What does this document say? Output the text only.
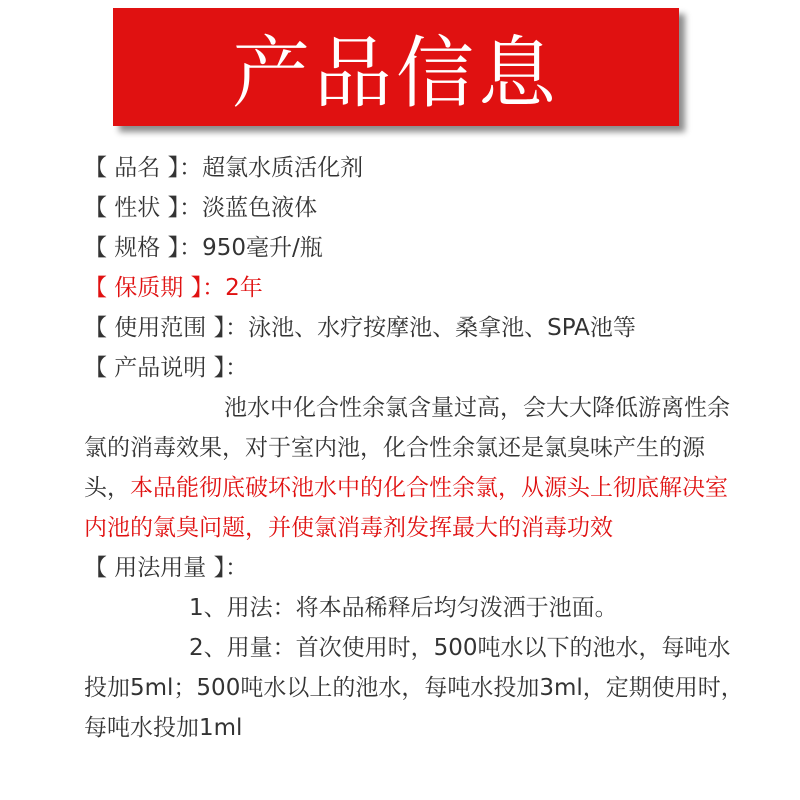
产品信息
【 品名 】：超氯水质活化剂
【 性状 】：淡蓝色液体
【 规格 】：950毫升/瓶
【 保质期 】：2年
【 使用范围 】：泳池、水疗按摩池、桑拿池、SPA池等
【 产品说明 】：
池水中化合性余氯含量过高，会大大降低游离性余氯的消毒效果，对于室内池，化合性余氯还是氯臭味产生的源头，本品能彻底破坏池水中的化合性余氯，从源头上彻底解决室内池的氯臭问题，并使氯消毒剂发挥最大的消毒功效
【 用法用量 】：
1、用法：将本品稀释后均匀泼洒于池面。
2、用量：首次使用时，500吨水以下的池水，每吨水投加5ml；500吨水以上的池水，每吨水投加3ml，定期使用时，每吨水投加1ml
